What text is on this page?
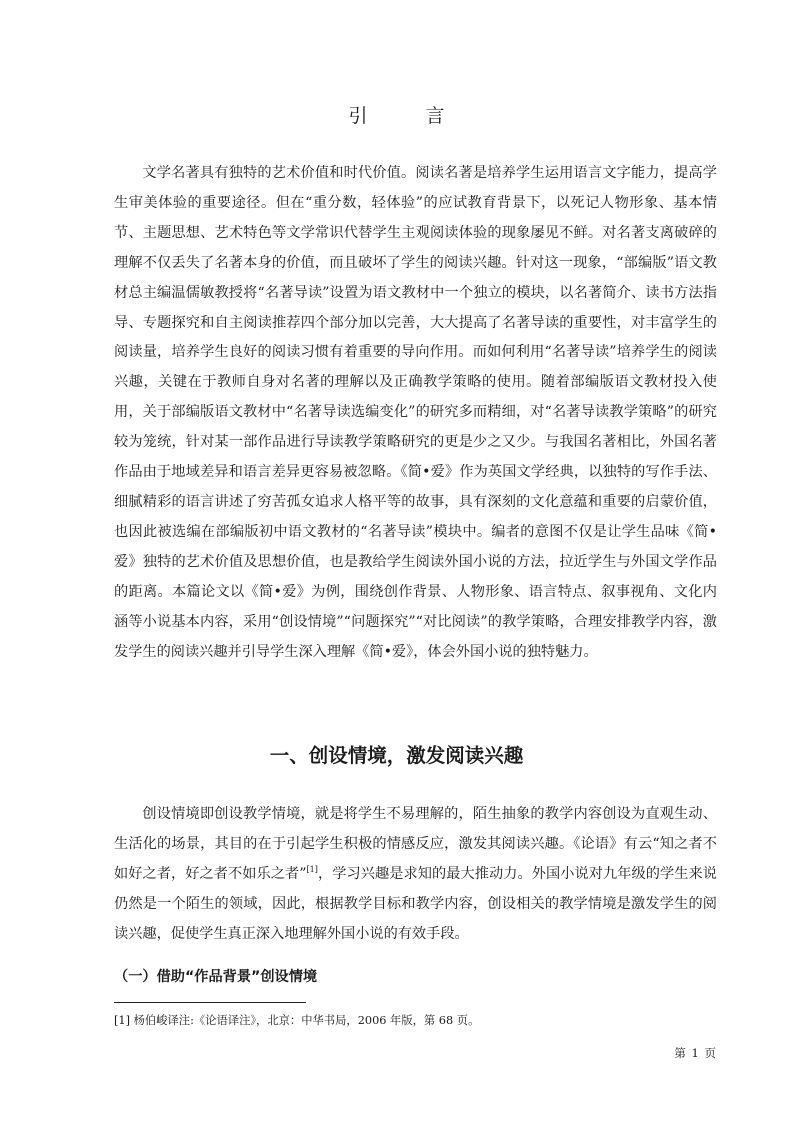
引 言

文学名著具有独特的艺术价值和时代价值。阅读名著是培养学生运用语言文字能力，提高学生审美体验的重要途径。但在“重分数，轻体验”的应试教育背景下，以死记人物形象、基本情节、主题思想、艺术特色等文学常识代替学生主观阅读体验的现象屡见不鲜。对名著支离破碎的理解不仅丢失了名著本身的价值，而且破坏了学生的阅读兴趣。针对这一现象，“部编版”语文教材总主编温儒敏教授将“名著导读”设置为语文教材中一个独立的模块，以名著简介、读书方法指导、专题探究和自主阅读推荐四个部分加以完善，大大提高了名著导读的重要性，对丰富学生的阅读量，培养学生良好的阅读习惯有着重要的导向作用。而如何利用“名著导读”培养学生的阅读兴趣，关键在于教师自身对名著的理解以及正确教学策略的使用。随着部编版语文教材投入使用，关于部编版语文教材中“名著导读选编变化”的研究多而精细，对“名著导读教学策略”的研究较为笼统，针对某一部作品进行导读教学策略研究的更是少之又少。与我国名著相比，外国名著作品由于地域差异和语言差异更容易被忽略。《简•爱》作为英国文学经典，以独特的写作手法、细腻精彩的语言讲述了穷苦孤女追求人格平等的故事，具有深刻的文化意蕴和重要的启蒙价值，也因此被选编在部编版初中语文教材的“名著导读”模块中。编者的意图不仅是让学生品味《简•爱》独特的艺术价值及思想价值，也是教给学生阅读外国小说的方法，拉近学生与外国文学作品的距离。本篇论文以《简•爱》为例，围绕创作背景、人物形象、语言特点、叙事视角、文化内涵等小说基本内容，采用“创设情境”“问题探究”“对比阅读”的教学策略，合理安排教学内容，激发学生的阅读兴趣并引导学生深入理解《简•爱》，体会外国小说的独特魅力。

一、创设情境，激发阅读兴趣

创设情境即创设教学情境，就是将学生不易理解的，陌生抽象的教学内容创设为直观生动、生活化的场景，其目的在于引起学生积极的情感反应，激发其阅读兴趣。《论语》有云“知之者不如好之者，好之者不如乐之者”[1]，学习兴趣是求知的最大推动力。外国小说对九年级的学生来说仍然是一个陌生的领域，因此，根据教学目标和教学内容，创设相关的教学情境是激发学生的阅读兴趣，促使学生真正深入地理解外国小说的有效手段。

（一）借助“作品背景”创设情境
[1] 杨伯峻译注:《论语译注》，北京：中华书局，2006 年版，第 68 页。
第 1 页
